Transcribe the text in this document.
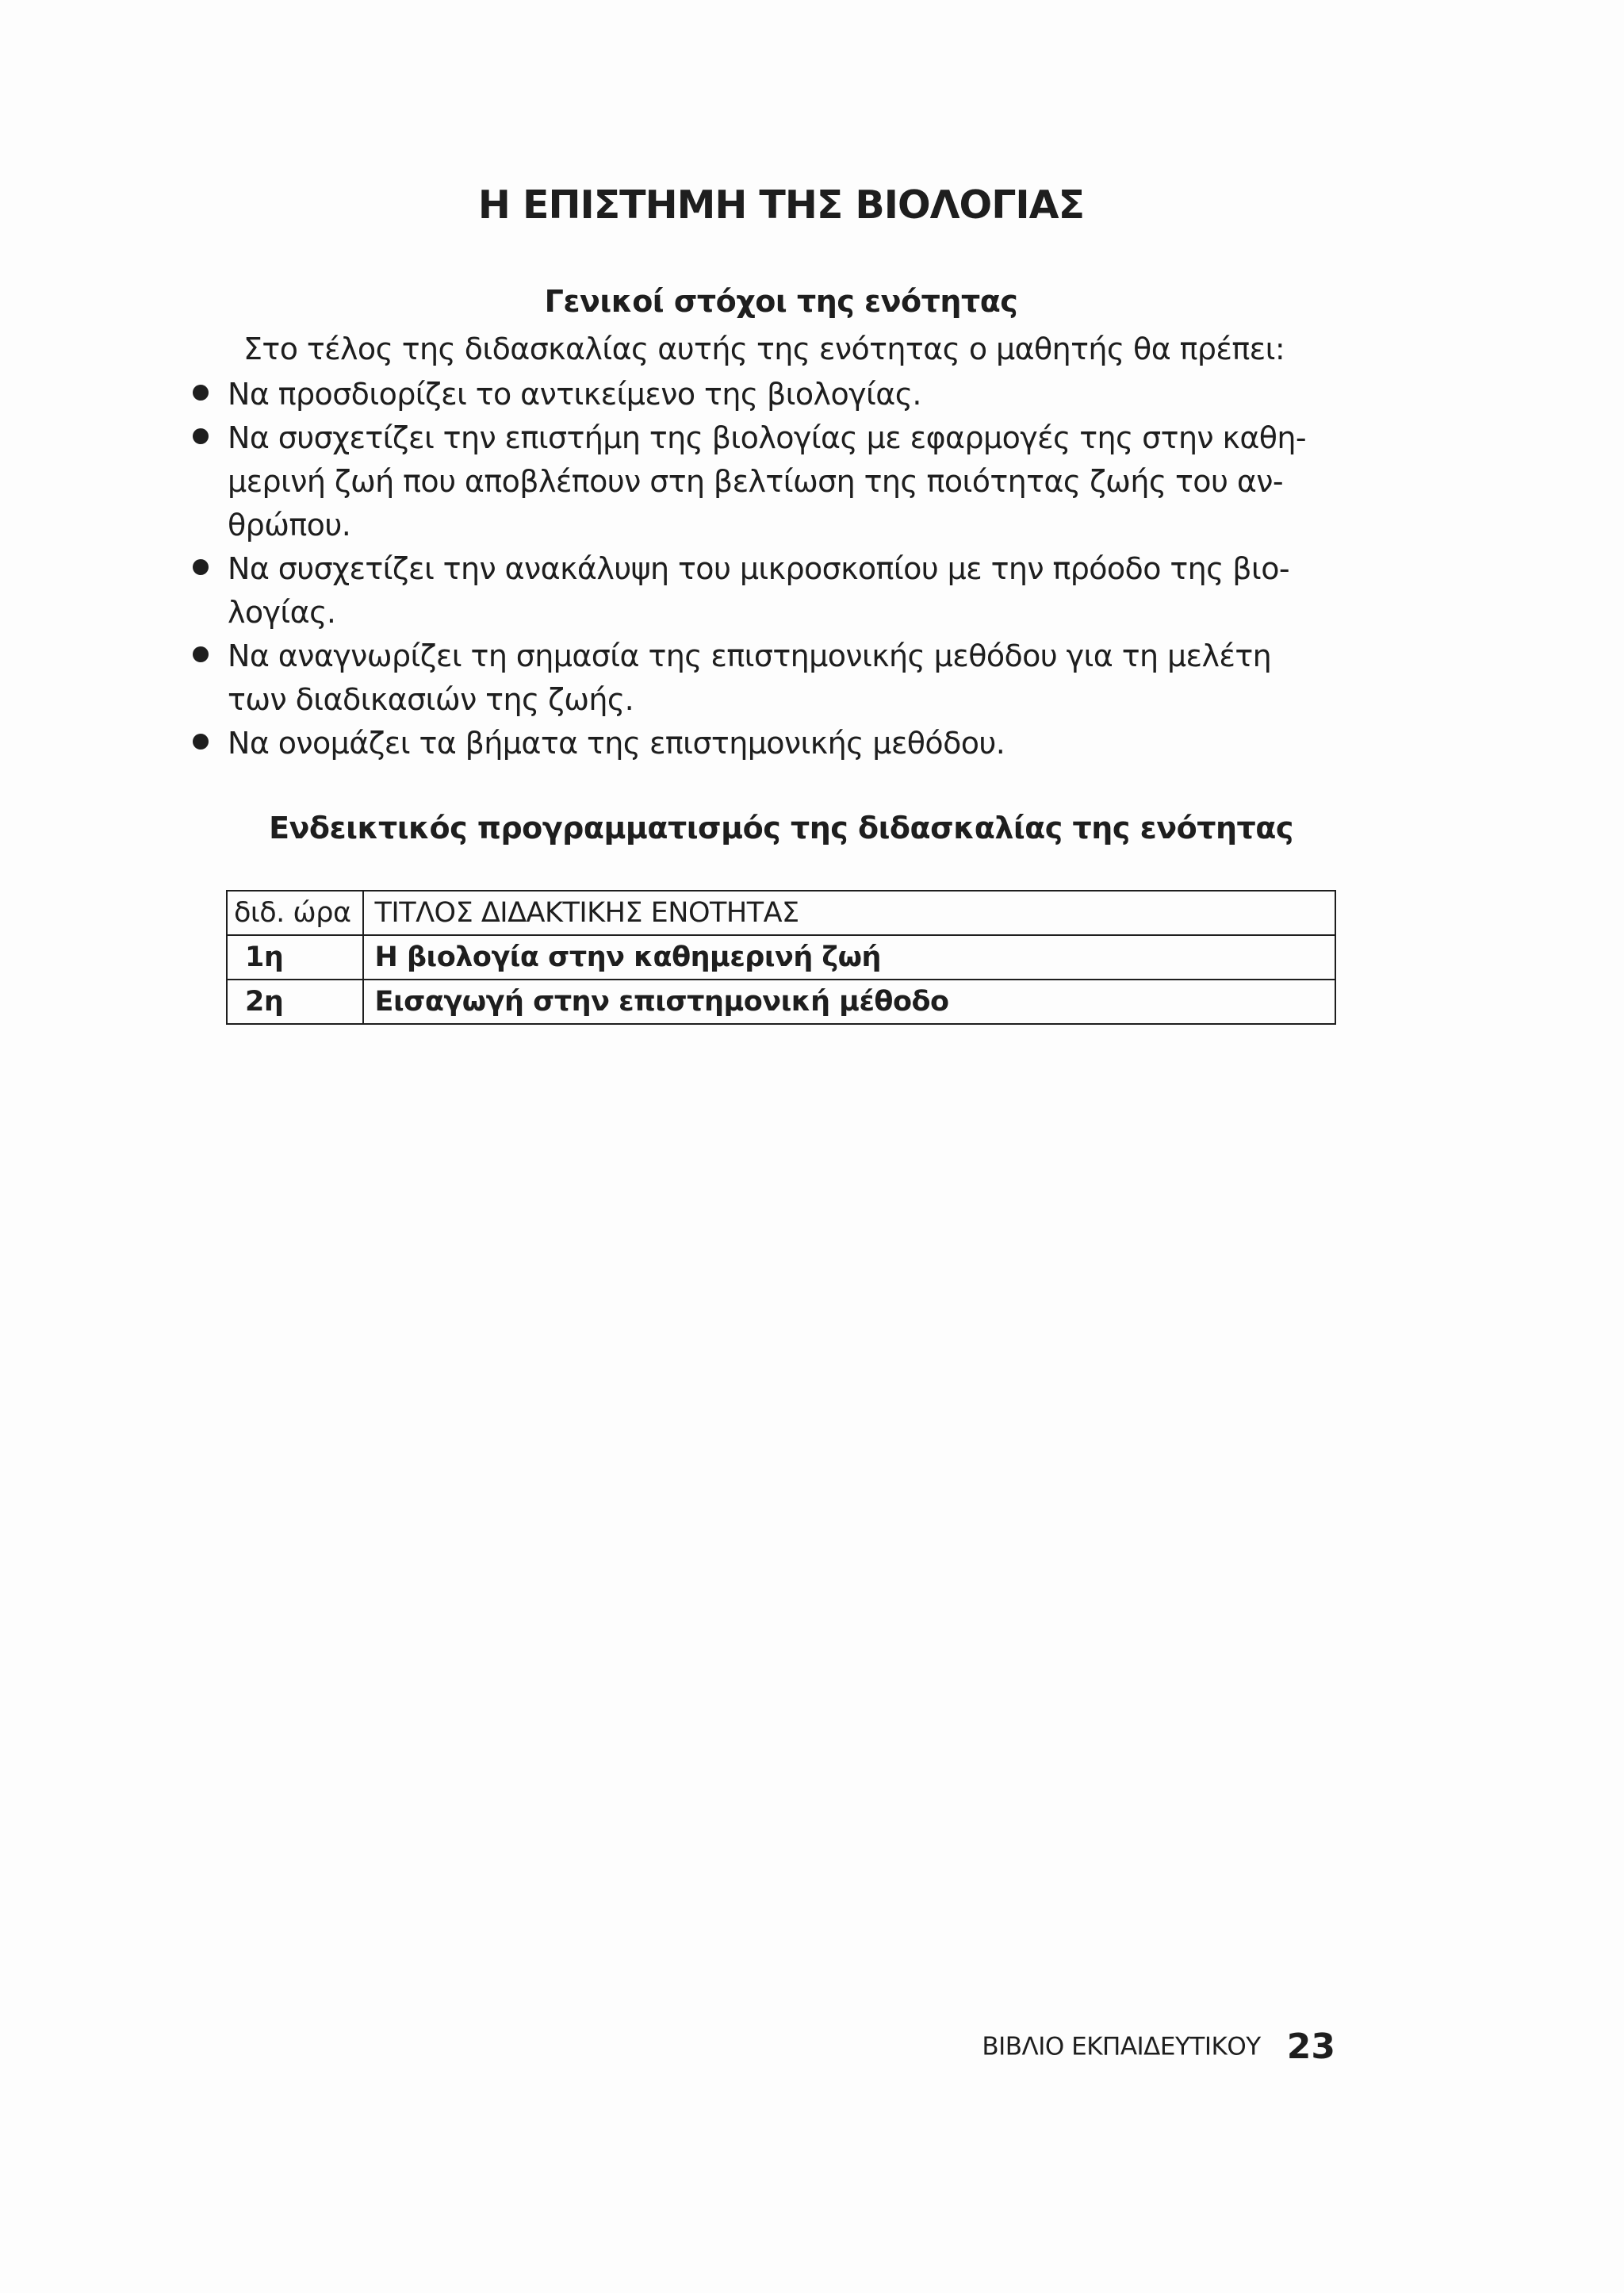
Η ΕΠΙΣΤΗΜΗ ΤΗΣ ΒΙΟΛΟΓΙΑΣ
Γενικοί στόχοι της ενότητας

Στο τέλος της διδασκαλίας αυτής της ενότητας ο μαθητής θα πρέπει:

Να προσδιορίζει το αντικείμενο της βιολογίας.
Να συσχετίζει την επιστήμη της βιολογίας με εφαρμογές της στην καθη-
μερινή ζωή που αποβλέπουν στη βελτίωση της ποιότητας ζωής του αν-
θρώπου.
Να συσχετίζει την ανακάλυψη του μικροσκοπίου με την πρόοδο της βιο-
λογίας.
Να αναγνωρίζει τη σημασία της επιστημονικής μεθόδου για τη μελέτη
των διαδικασιών της ζωής.
Να ονομάζει τα βήματα της επιστημονικής μεθόδου.
Ενδεικτικός προγραμματισμός της διδασκαλίας της ενότητας
διδ. ώρα	ΤΙΤΛΟΣ ΔΙΔΑΚΤΙΚΗΣ ΕΝΟΤΗΤΑΣ
1η	Η βιολογία στην καθημερινή ζωή
2η	Εισαγωγή στην επιστημονική μέθοδο
ΒΙΒΛΙΟ ΕΚΠΑΙΔΕΥΤΙΚΟΥ 23
